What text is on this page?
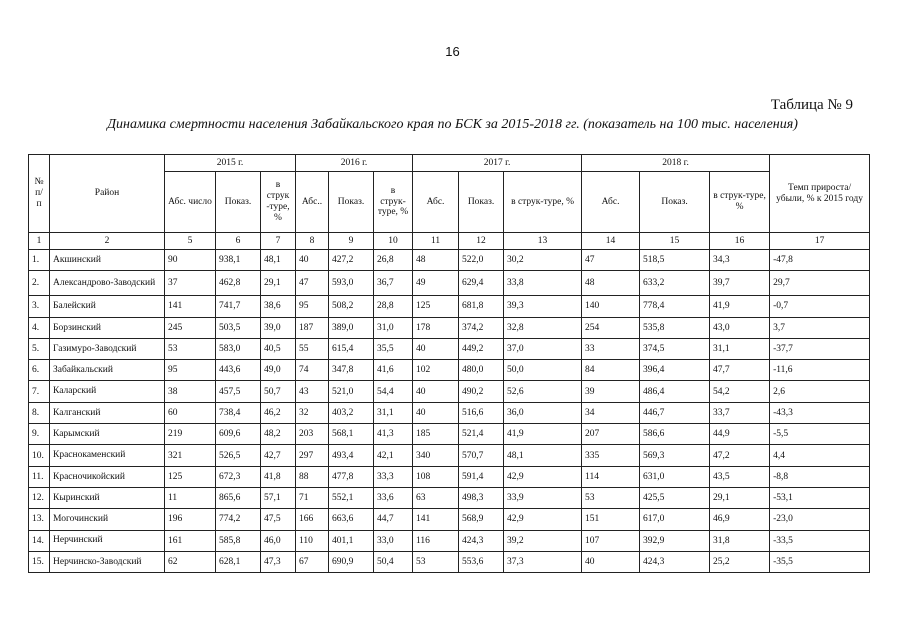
16
Таблица № 9
Динамика смертности населения Забайкальского края по БСК за 2015-2018 гг. (показатель на 100 тыс. населения)
№ п/ п	Район	2015 г.			2016 г.			2017 г.			2018 г.			Темп прироста/ убыли, % к 2015 году
		Абс. число	Показ.	в струк -туре, %	Абс..	Показ.	в струк-туре, %	Абс.	Показ.	в струк-туре, %	Абс.	Показ.	в струк-туре, %	
1	2	5	6	7	8	9	10	11	12	13	14	15	16	17
1.	Акшинский	90	938,1	48,1	40	427,2	26,8	48	522,0	30,2	47	518,5	34,3	-47,8
2.	Александрово-Заводский	37	462,8	29,1	47	593,0	36,7	49	629,4	33,8	48	633,2	39,7	29,7
3.	Балейский	141	741,7	38,6	95	508,2	28,8	125	681,8	39,3	140	778,4	41,9	-0,7
4.	Борзинский	245	503,5	39,0	187	389,0	31,0	178	374,2	32,8	254	535,8	43,0	3,7
5.	Газимуро-Заводский	53	583,0	40,5	55	615,4	35,5	40	449,2	37,0	33	374,5	31,1	-37,7
6.	Забайкальский	95	443,6	49,0	74	347,8	41,6	102	480,0	50,0	84	396,4	47,7	-11,6
7.	Каларский	38	457,5	50,7	43	521,0	54,4	40	490,2	52,6	39	486,4	54,2	2,6
8.	Калганский	60	738,4	46,2	32	403,2	31,1	40	516,6	36,0	34	446,7	33,7	-43,3
9.	Карымский	219	609,6	48,2	203	568,1	41,3	185	521,4	41,9	207	586,6	44,9	-5,5
10.	Краснокаменский	321	526,5	42,7	297	493,4	42,1	340	570,7	48,1	335	569,3	47,2	4,4
11.	Красночикойский	125	672,3	41,8	88	477,8	33,3	108	591,4	42,9	114	631,0	43,5	-8,8
12.	Кыринский	11	865,6	57,1	71	552,1	33,6	63	498,3	33,9	53	425,5	29,1	-53,1
13.	Могочинский	196	774,2	47,5	166	663,6	44,7	141	568,9	42,9	151	617,0	46,9	-23,0
14.	Нерчинский	161	585,8	46,0	110	401,1	33,0	116	424,3	39,2	107	392,9	31,8	-33,5
15.	Нерчинско-Заводский	62	628,1	47,3	67	690,9	50,4	53	553,6	37,3	40	424,3	25,2	-35,5
